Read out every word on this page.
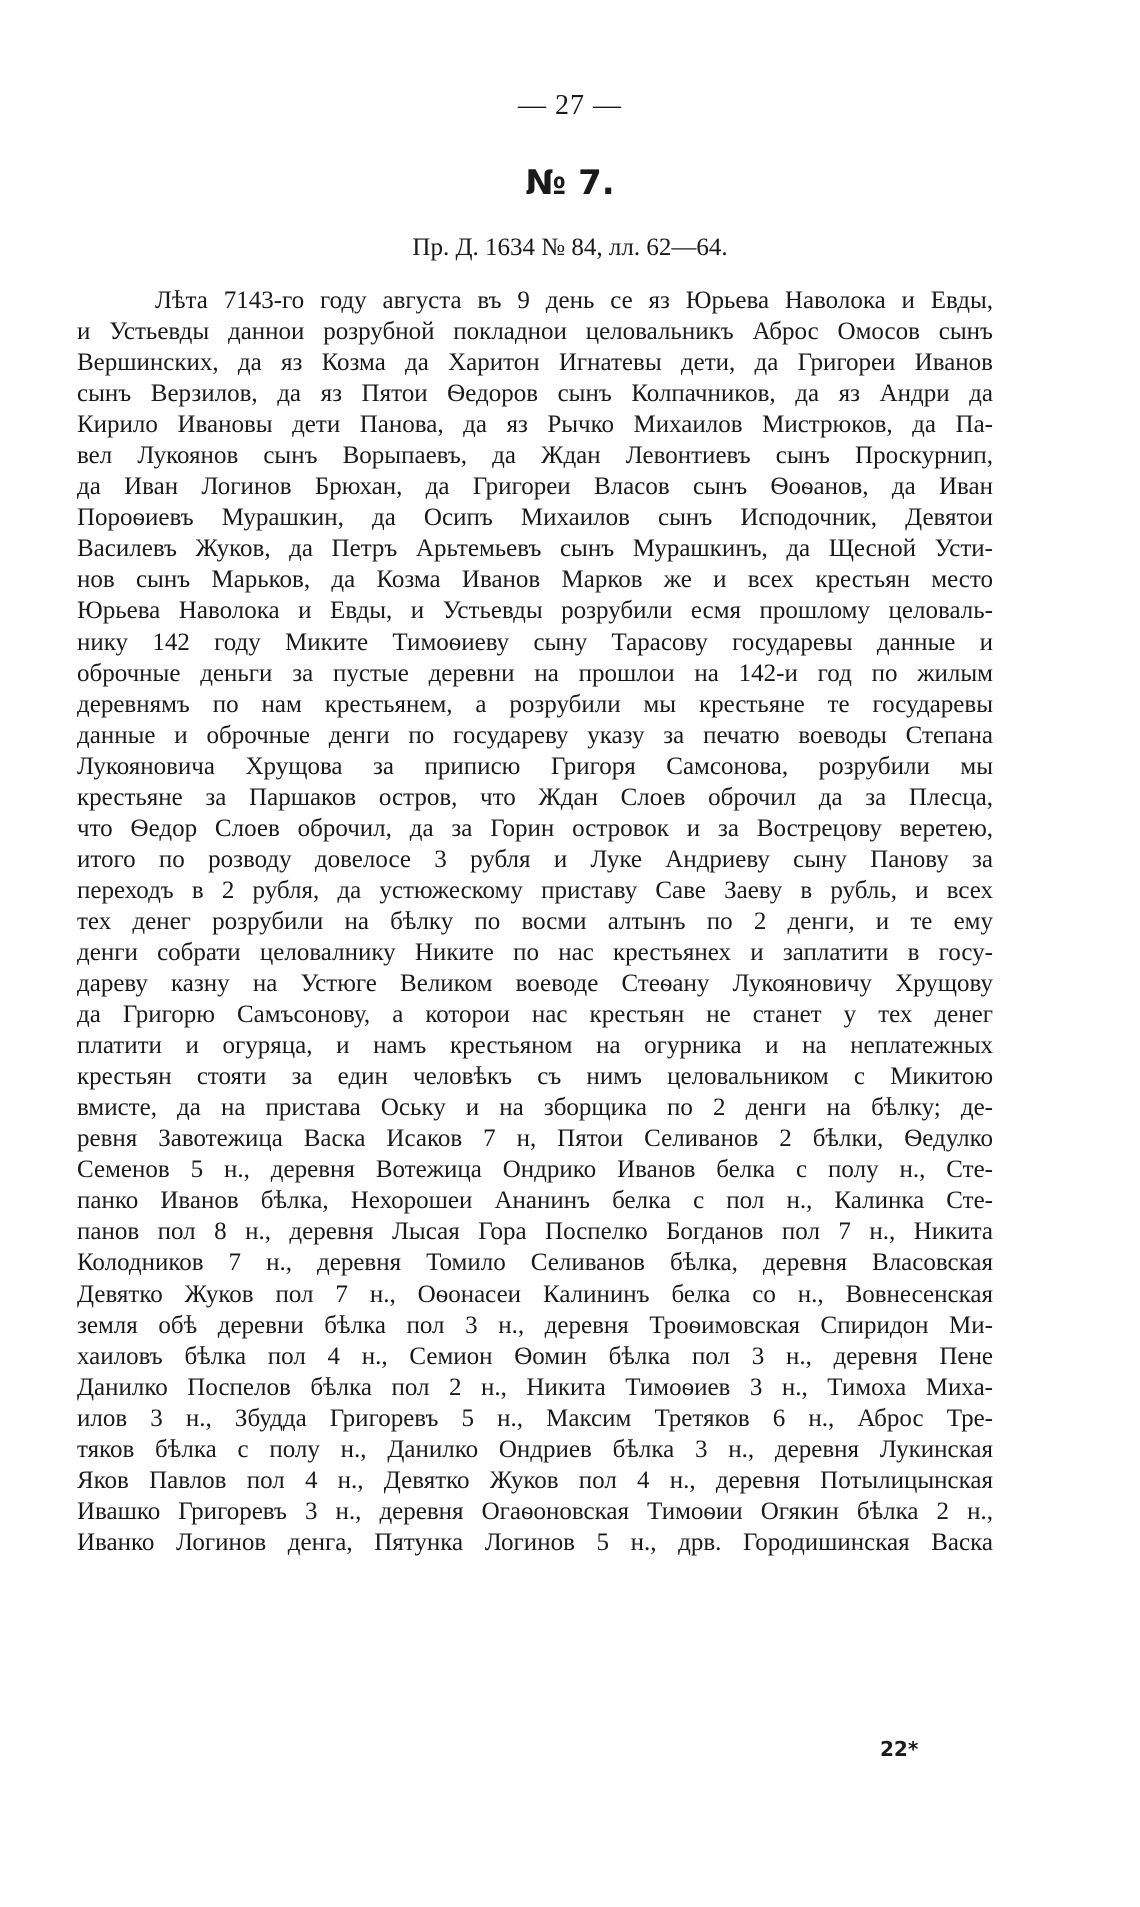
— 27 —
№ 7.
Пр. Д. 1634 № 84, лл. 62—64.
Лѣта 7143-го году августа въ 9 день се яз Юрьева Наволока и Евды,
и Устьевды даннои розрубной покладнои целовальникъ Аброс Омосов сынъ
Вершинских, да яз Козма да Харитон Игнатевы дети, да Григореи Иванов
сынъ Верзилов, да яз Пятои Ѳедоров сынъ Колпачников, да яз Андри да
Кирило Ивановы дети Панова, да яз Рычко Михаилов Мистрюков, да Па-
вел Лукоянов сынъ Ворыпаевъ, да Ждан Левонтиевъ сынъ Проскурнип,
да Иван Логинов Брюхан, да Григореи Власов сынъ Ѳоѳанов, да Иван
Пороѳиевъ Мурашкин, да Осипъ Михаилов сынъ Исподочник, Девятои
Василевъ Жуков, да Петръ Арьтемьевъ сынъ Мурашкинъ, да Щесной Усти-
нов сынъ Марьков, да Козма Иванов Марков же и всех крестьян место
Юрьева Наволока и Евды, и Устьевды розрубили есмя прошлому целоваль-
нику 142 году Миките Тимоѳиеву сыну Тарасову государевы данные и
оброчные деньги за пустые деревни на прошлои на 142-и год по жилым
деревнямъ по нам крестьянем, а розрубили мы крестьяне те государевы
данные и оброчные денги по государеву указу за печатю воеводы Степана
Лукояновича Хрущова за приписю Григоря Самсонова, розрубили мы
крестьяне за Паршаков остров, что Ждан Слоев оброчил да за Плесца,
что Ѳедор Слоев оброчил, да за Горин островок и за Вострецову веретею,
итого по розводу довелосе 3 рубля и Луке Андриеву сыну Панову за
переходъ в 2 рубля, да устюжескому приставу Саве Заеву в рубль, и всех
тех денег розрубили на бѣлку по восми алтынъ по 2 денги, и те ему
денги собрати целовалнику Никите по нас крестьянех и заплатити в госу-
дареву казну на Устюге Великом воеводе Стеѳану Лукояновичу Хрущову
да Григорю Самъсонову, а которои нас крестьян не станет у тех денег
платити и огуряца, и намъ крестьяном на огурника и на неплатежных
крестьян стояти за един человѣкъ съ нимъ целовальником с Микитою
вмисте, да на пристава Оську и на зборщика по 2 денги на бѣлку; де-
ревня Завотежица Васка Исаков 7 н, Пятои Селиванов 2 бѣлки, Ѳедулко
Семенов 5 н., деревня Вотежица Ондрико Иванов белка с полу н., Сте-
панко Иванов бѣлка, Нехорошеи Ананинъ белка с пол н., Калинка Сте-
панов пол 8 н., деревня Лысая Гора Поспелко Богданов пол 7 н., Никита
Колодников 7 н., деревня Томило Селиванов бѣлка, деревня Власовская
Девятко Жуков пол 7 н., Оѳонасеи Калининъ белка со н., Вовнесенская
земля обѣ деревни бѣлка пол 3 н., деревня Троѳимовская Спиридон Ми-
хаиловъ бѣлка пол 4 н., Семион Ѳомин бѣлка пол 3 н., деревня Пене
Данилко Поспелов бѣлка пол 2 н., Никита Тимоѳиев 3 н., Тимоха Миха-
илов 3 н., Збудда Григоревъ 5 н., Максим Третяков 6 н., Аброс Тре-
тяков бѣлка с полу н., Данилко Ондриев бѣлка 3 н., деревня Лукинская
Яков Павлов пол 4 н., Девятко Жуков пол 4 н., деревня Потылицынская
Ивашко Григоревъ 3 н., деревня Огаѳоновская Тимоѳии Огякин бѣлка 2 н.,
Иванко Логинов денга, Пятунка Логинов 5 н., дрв. Городишинская Васка
22*
